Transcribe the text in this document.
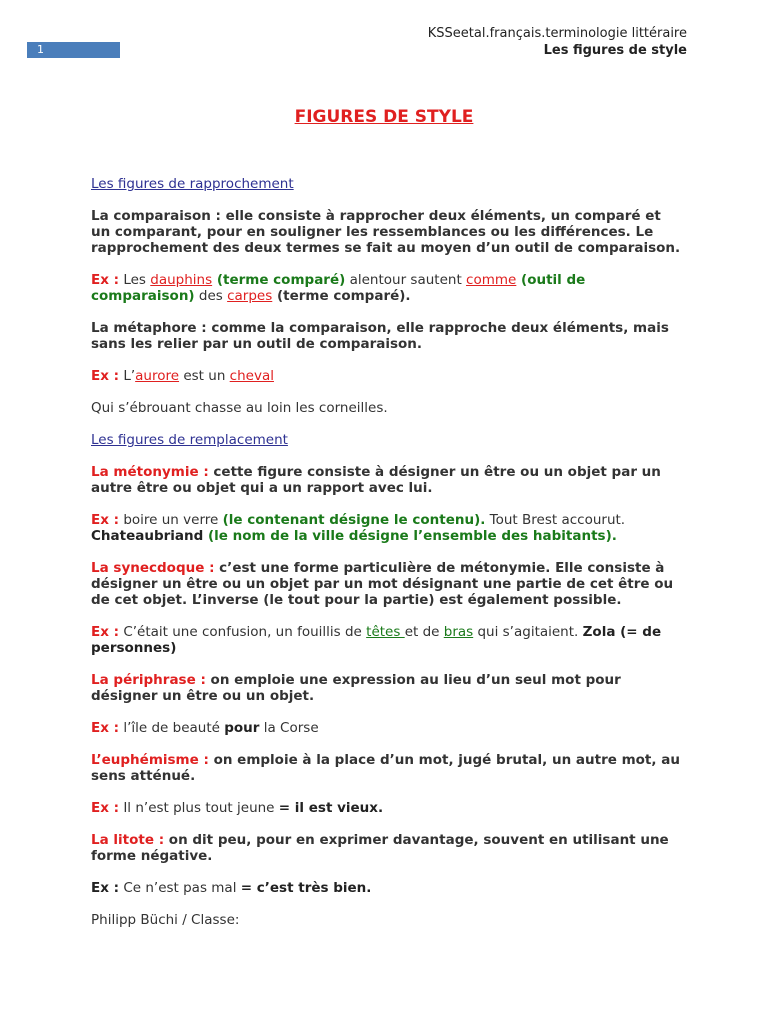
1
KSSeetal.français.terminologie littéraire
Les figures de style
FIGURES DE STYLE

Les figures de rapprochement

La comparaison : elle consiste à rapprocher deux éléments, un comparé et un comparant, pour en souligner les ressemblances ou les différences. Le rapprochement des deux termes se fait au moyen d’un outil de comparaison.

Ex : Les dauphins (terme comparé) alentour sautent comme (outil de comparaison) des carpes (terme comparé).

La métaphore : comme la comparaison, elle rapproche deux éléments, mais sans les relier par un outil de comparaison.

Ex : L’aurore est un cheval

Qui s’ébrouant chasse au loin les corneilles.

Les figures de remplacement

La métonymie : cette figure consiste à désigner un être ou un objet par un autre être ou objet qui a un rapport avec lui.

Ex : boire un verre (le contenant désigne le contenu). Tout Brest accourut. Chateaubriand (le nom de la ville désigne l’ensemble des habitants).

La synecdoque : c’est une forme particulière de métonymie. Elle consiste à désigner un être ou un objet par un mot désignant une partie de cet être ou de cet objet. L’inverse (le tout pour la partie) est également possible.

Ex : C’était une confusion, un fouillis de têtes et de bras qui s’agitaient. Zola (= de personnes)

La périphrase : on emploie une expression au lieu d’un seul mot pour désigner un être ou un objet.

Ex : l’île de beauté pour la Corse

L’euphémisme : on emploie à la place d’un mot, jugé brutal, un autre mot, au sens atténué.

Ex : Il n’est plus tout jeune = il est vieux.

La litote : on dit peu, pour en exprimer davantage, souvent en utilisant une forme négative.

Ex : Ce n’est pas mal = c’est très bien.

Philipp Büchi / Classe:
